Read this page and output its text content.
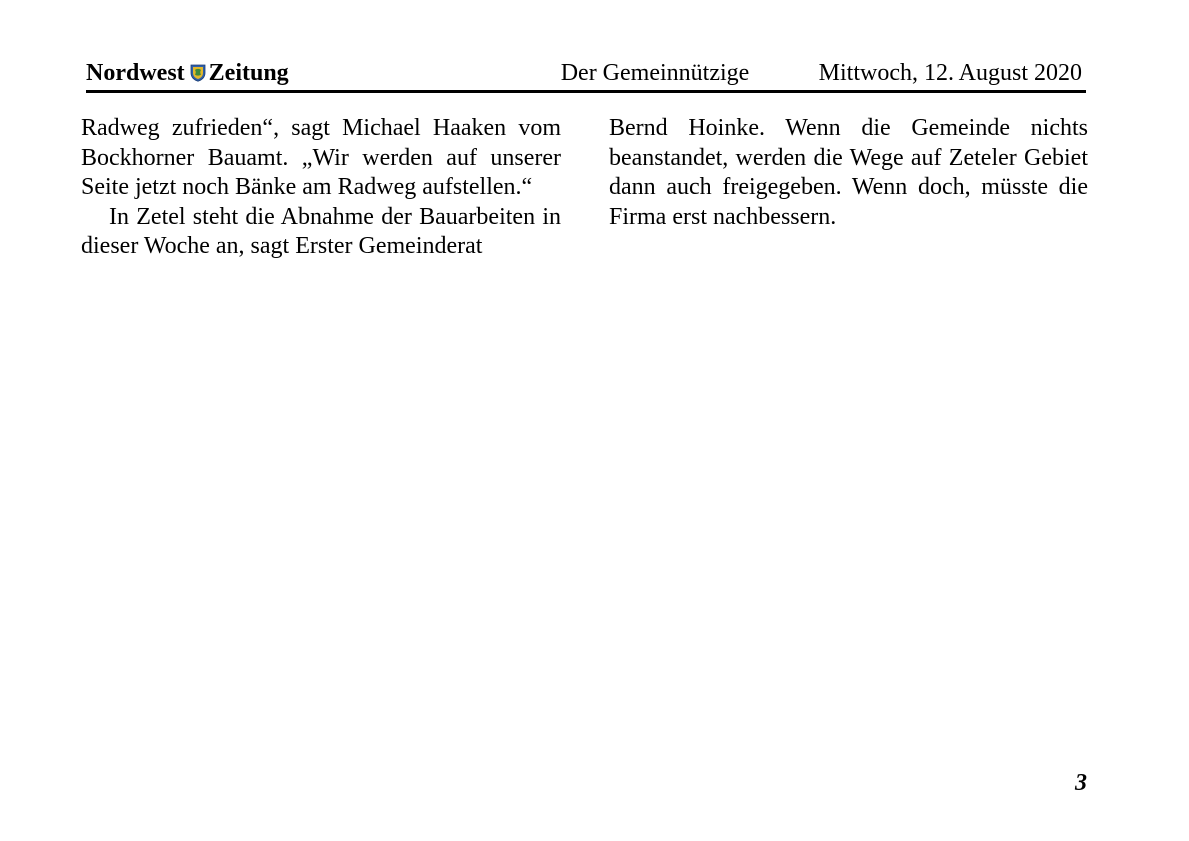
Nordwest Zeitung	Der Gemeinnützige	Mittwoch, 12. August 2020

Radweg zufrieden“, sagt Michael Haaken vom Bockhorner Bauamt. „Wir werden auf unserer Seite jetzt noch Bänke am Radweg aufstellen.“

In Zetel steht die Abnahme der Bauarbeiten in dieser Woche an, sagt Erster Gemeinderat

Bernd Hoinke. Wenn die Gemeinde nichts beanstandet, werden die Wege auf Zeteler Gebiet dann auch freigegeben. Wenn doch, müsste die Firma erst nachbessern.

3
